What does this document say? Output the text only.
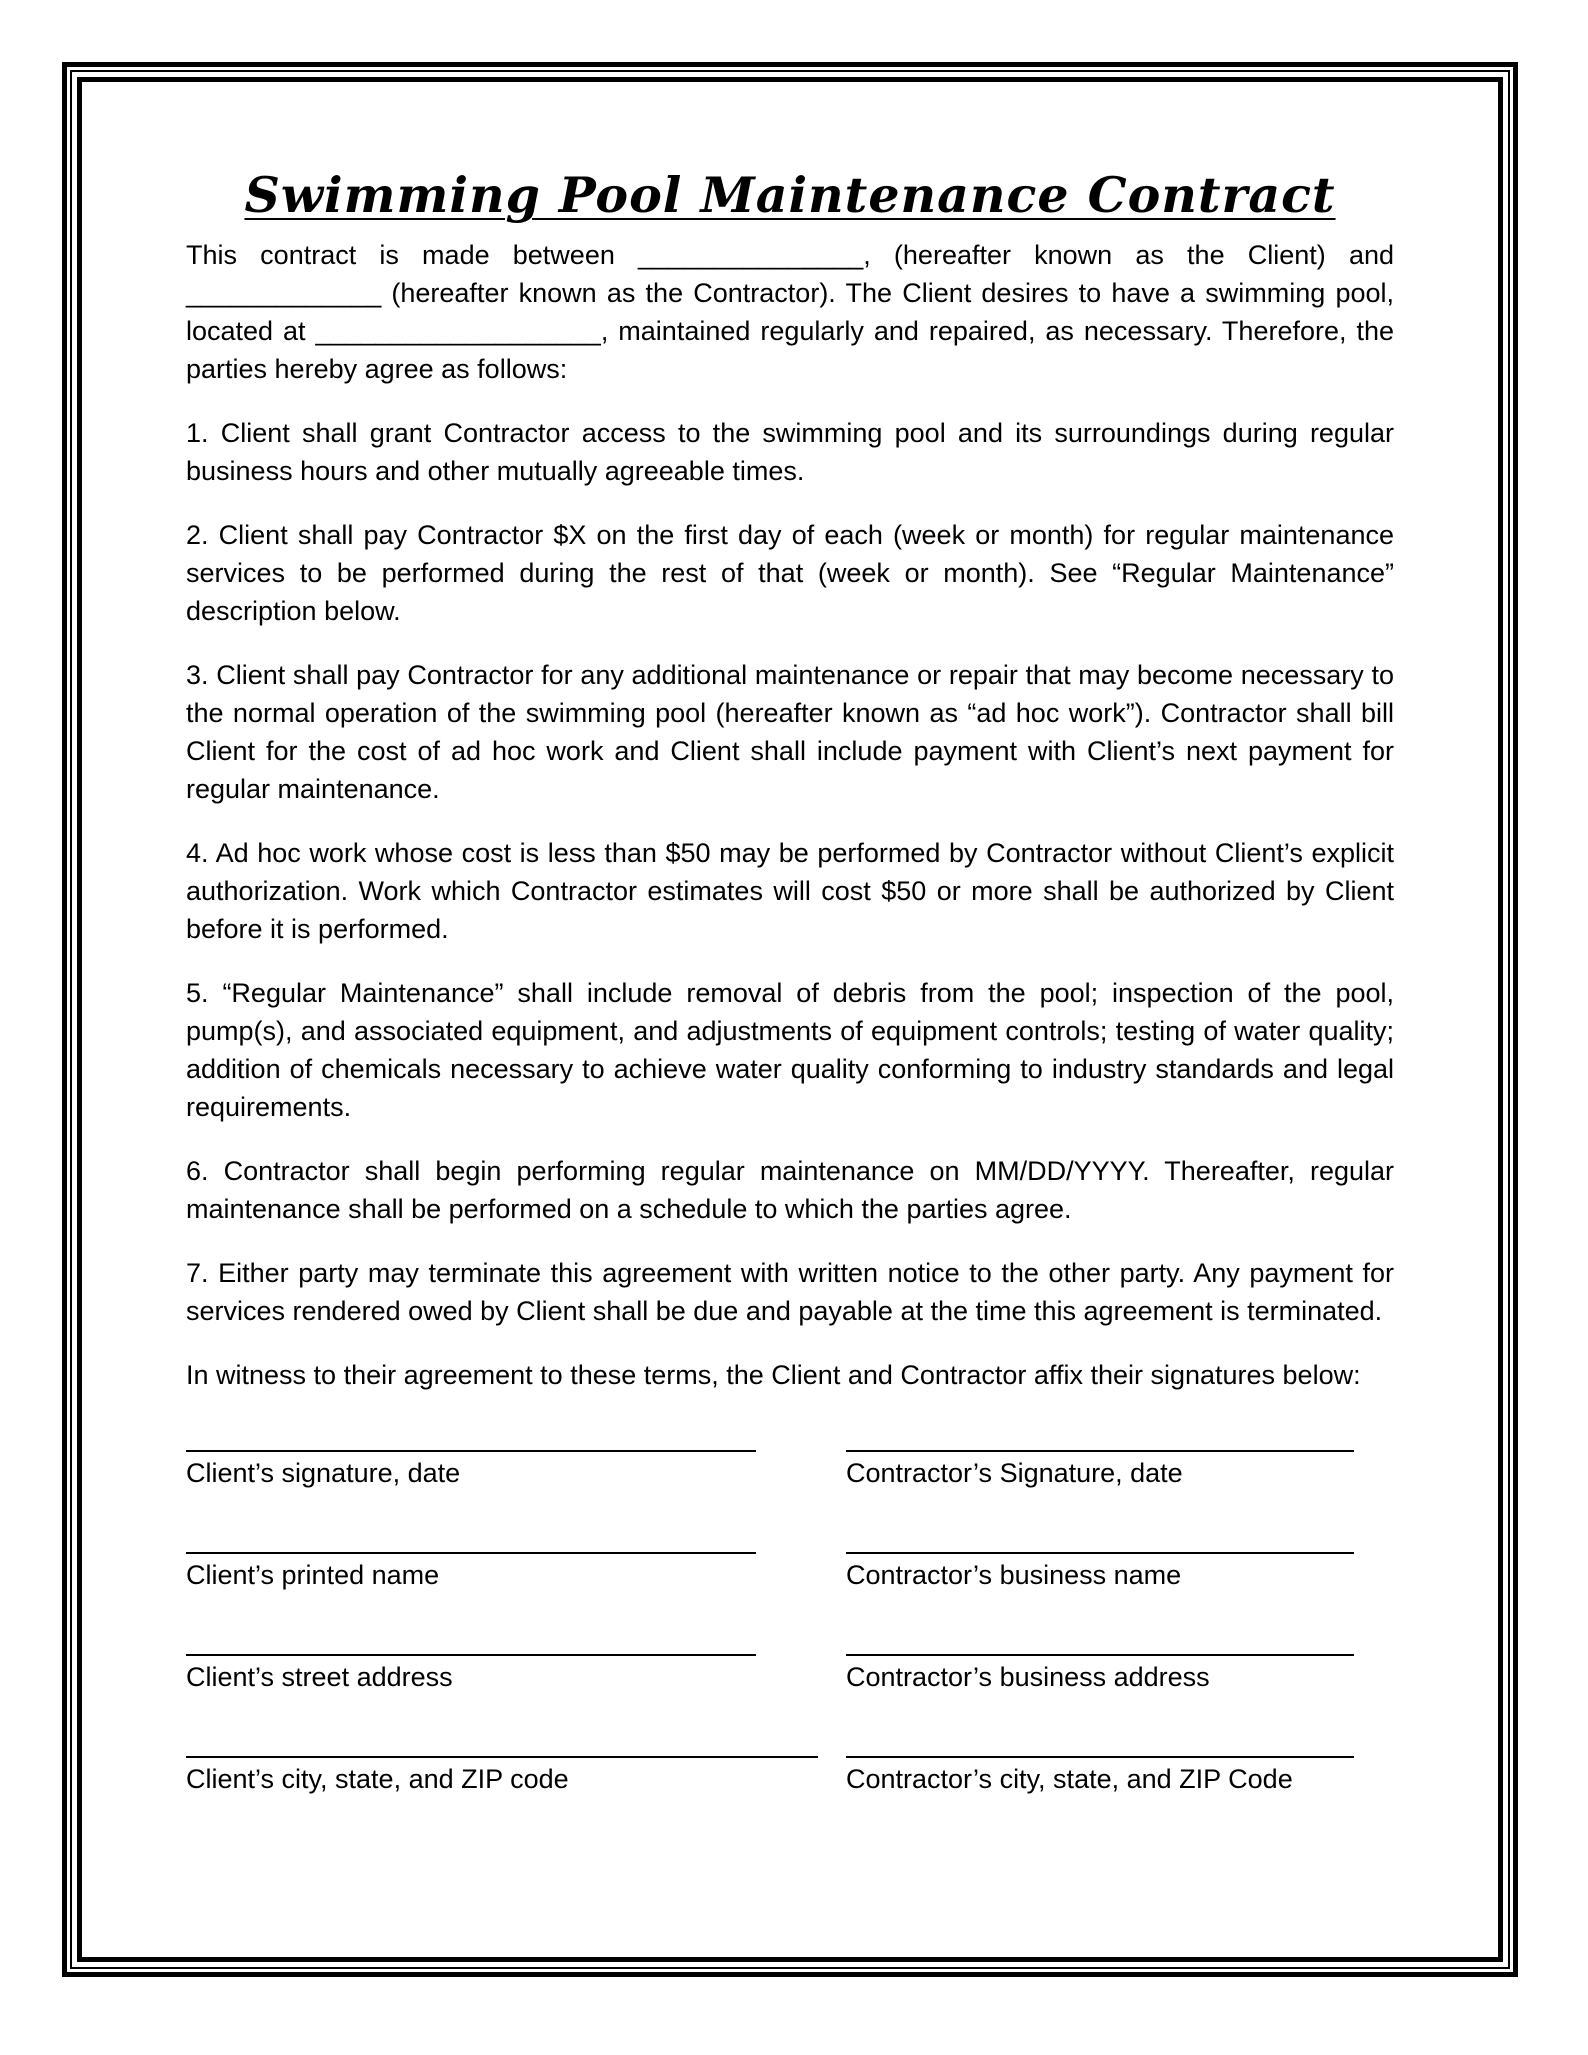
Swimming Pool Maintenance Contract

This contract is made between _______________, (hereafter known as the Client) and _____________ (hereafter known as the Contractor). The Client desires to have a swimming pool, located at ___________________, maintained regularly and repaired, as necessary. Therefore, the parties hereby agree as follows:

1. Client shall grant Contractor access to the swimming pool and its surroundings during regular business hours and other mutually agreeable times.

2. Client shall pay Contractor $X on the first day of each (week or month) for regular maintenance services to be performed during the rest of that (week or month). See “Regular Maintenance” description below.

3. Client shall pay Contractor for any additional maintenance or repair that may become necessary to the normal operation of the swimming pool (hereafter known as “ad hoc work”). Contractor shall bill Client for the cost of ad hoc work and Client shall include payment with Client’s next payment for regular maintenance.

4. Ad hoc work whose cost is less than $50 may be performed by Contractor without Client’s explicit authorization. Work which Contractor estimates will cost $50 or more shall be authorized by Client before it is performed.

5. “Regular Maintenance” shall include removal of debris from the pool; inspection of the pool, pump(s), and associated equipment, and adjustments of equipment controls; testing of water quality; addition of chemicals necessary to achieve water quality conforming to industry standards and legal requirements.

6. Contractor shall begin performing regular maintenance on MM/DD/YYYY. Thereafter, regular maintenance shall be performed on a schedule to which the parties agree.

7. Either party may terminate this agreement with written notice to the other party. Any payment for services rendered owed by Client shall be due and payable at the time this agreement is terminated.

In witness to their agreement to these terms, the Client and Contractor affix their signatures below:

Client’s signature, date	Contractor’s Signature, date
Client’s printed name	Contractor’s business name
Client’s street address	Contractor’s business address
Client’s city, state, and ZIP code	Contractor’s city, state, and ZIP Code
